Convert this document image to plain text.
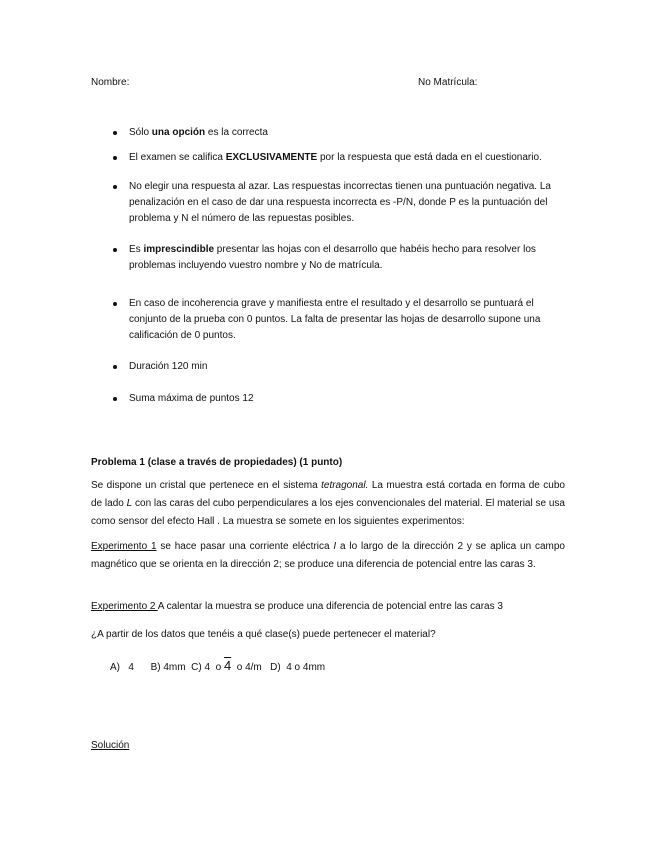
Nombre:	No Matrícula:
Sólo una opción es la correcta
El examen se califica EXCLUSIVAMENTE por la respuesta que está dada en el cuestionario.
No elegir una respuesta al azar. Las respuestas incorrectas tienen una puntuación negativa. La penalización en el caso de dar una respuesta incorrecta es -P/N, donde P es la puntuación del problema y N el número de las repuestas posibles.
Es imprescindible presentar las hojas con el desarrollo que habéis hecho para resolver los problemas incluyendo vuestro nombre y No de matrícula.
En caso de incoherencia grave y manifiesta entre el resultado y el desarrollo se puntuará el conjunto de la prueba con 0 puntos. La falta de presentar las hojas de desarrollo supone una calificación de 0 puntos.
Duración 120 min
Suma máxima de puntos 12
Problema 1 (clase a través de propiedades) (1 punto)
Se dispone un cristal que pertenece en el sistema tetragonal. La muestra está cortada en forma de cubo de lado L con las caras del cubo perpendiculares a los ejes convencionales del material. El material se usa como sensor del efecto Hall . La muestra se somete en los siguientes experimentos:
Experimento 1 se hace pasar una corriente eléctrica I a lo largo de la dirección 2 y se aplica un campo magnético que se orienta en la dirección 2; se produce una diferencia de potencial entre las caras 3.
Experimento 2 A calentar la muestra se produce una diferencia de potencial entre las caras 3
¿A partir de los datos que tenéis a qué clase(s) puede pertenecer el material?
A)   4 B) 4mm C) 4  o 4  o 4/m D)  4 o 4mm
Solución
